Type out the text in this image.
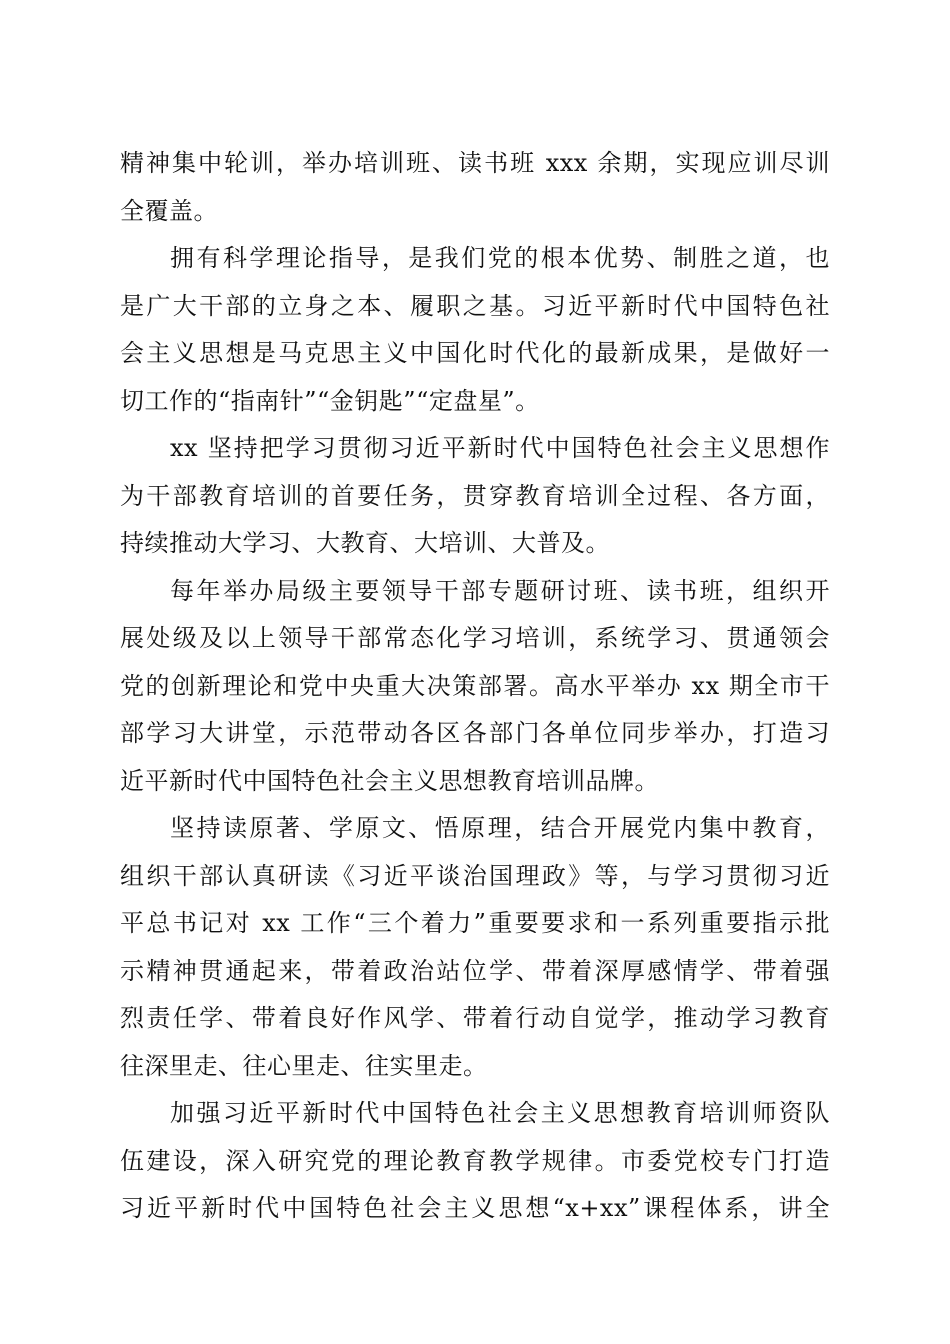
精神集中轮训，举办培训班、读书班 xxx 余期，实现应训尽训
全覆盖。
拥有科学理论指导，是我们党的根本优势、制胜之道，也
是广大干部的立身之本、履职之基。习近平新时代中国特色社
会主义思想是马克思主义中国化时代化的最新成果，是做好一
切工作的“指南针”“金钥匙”“定盘星”。
xx 坚持把学习贯彻习近平新时代中国特色社会主义思想作
为干部教育培训的首要任务，贯穿教育培训全过程、各方面，
持续推动大学习、大教育、大培训、大普及。
每年举办局级主要领导干部专题研讨班、读书班，组织开
展处级及以上领导干部常态化学习培训，系统学习、贯通领会
党的创新理论和党中央重大决策部署。高水平举办 xx 期全市干
部学习大讲堂，示范带动各区各部门各单位同步举办，打造习
近平新时代中国特色社会主义思想教育培训品牌。
坚持读原著、学原文、悟原理，结合开展党内集中教育，
组织干部认真研读《习近平谈治国理政》等，与学习贯彻习近
平总书记对 xx 工作“三个着力”重要要求和一系列重要指示批
示精神贯通起来，带着政治站位学、带着深厚感情学、带着强
烈责任学、带着良好作风学、带着行动自觉学，推动学习教育
往深里走、往心里走、往实里走。
加强习近平新时代中国特色社会主义思想教育培训师资队
伍建设，深入研究党的理论教育教学规律。市委党校专门打造
习近平新时代中国特色社会主义思想“x+xx”课程体系，讲全
